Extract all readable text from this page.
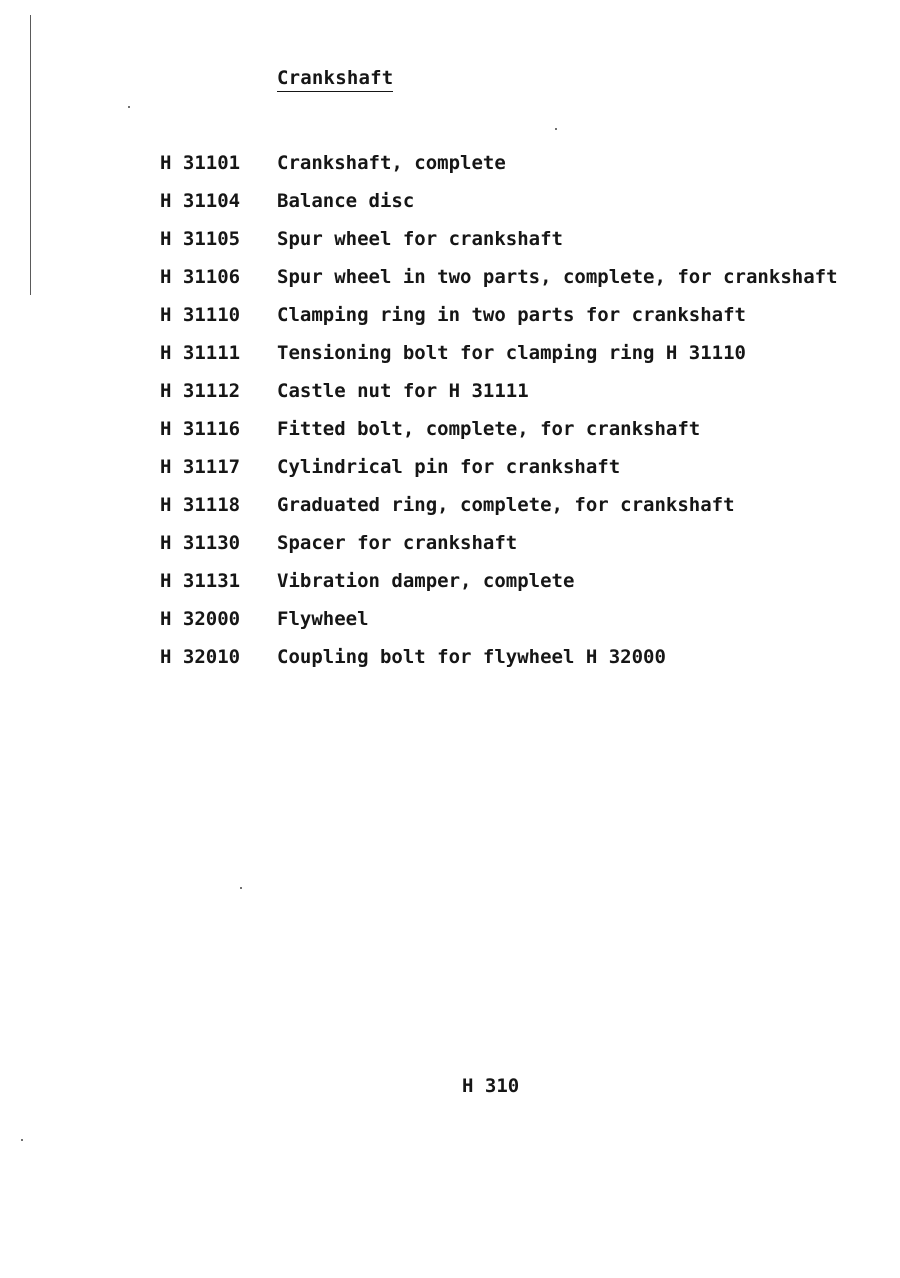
Crankshaft
H 31101	Crankshaft, complete
H 31104	Balance disc
H 31105	Spur wheel for crankshaft
H 31106	Spur wheel in two parts, complete, for crankshaft
H 31110	Clamping ring in two parts for crankshaft
H 31111	Tensioning bolt for clamping ring H 31110
H 31112	Castle nut for H 31111
H 31116	Fitted bolt, complete, for crankshaft
H 31117	Cylindrical pin for crankshaft
H 31118	Graduated ring, complete, for crankshaft
H 31130	Spacer for crankshaft
H 31131	Vibration damper, complete
H 32000	Flywheel
H 32010	Coupling bolt for flywheel H 32000
H 310
